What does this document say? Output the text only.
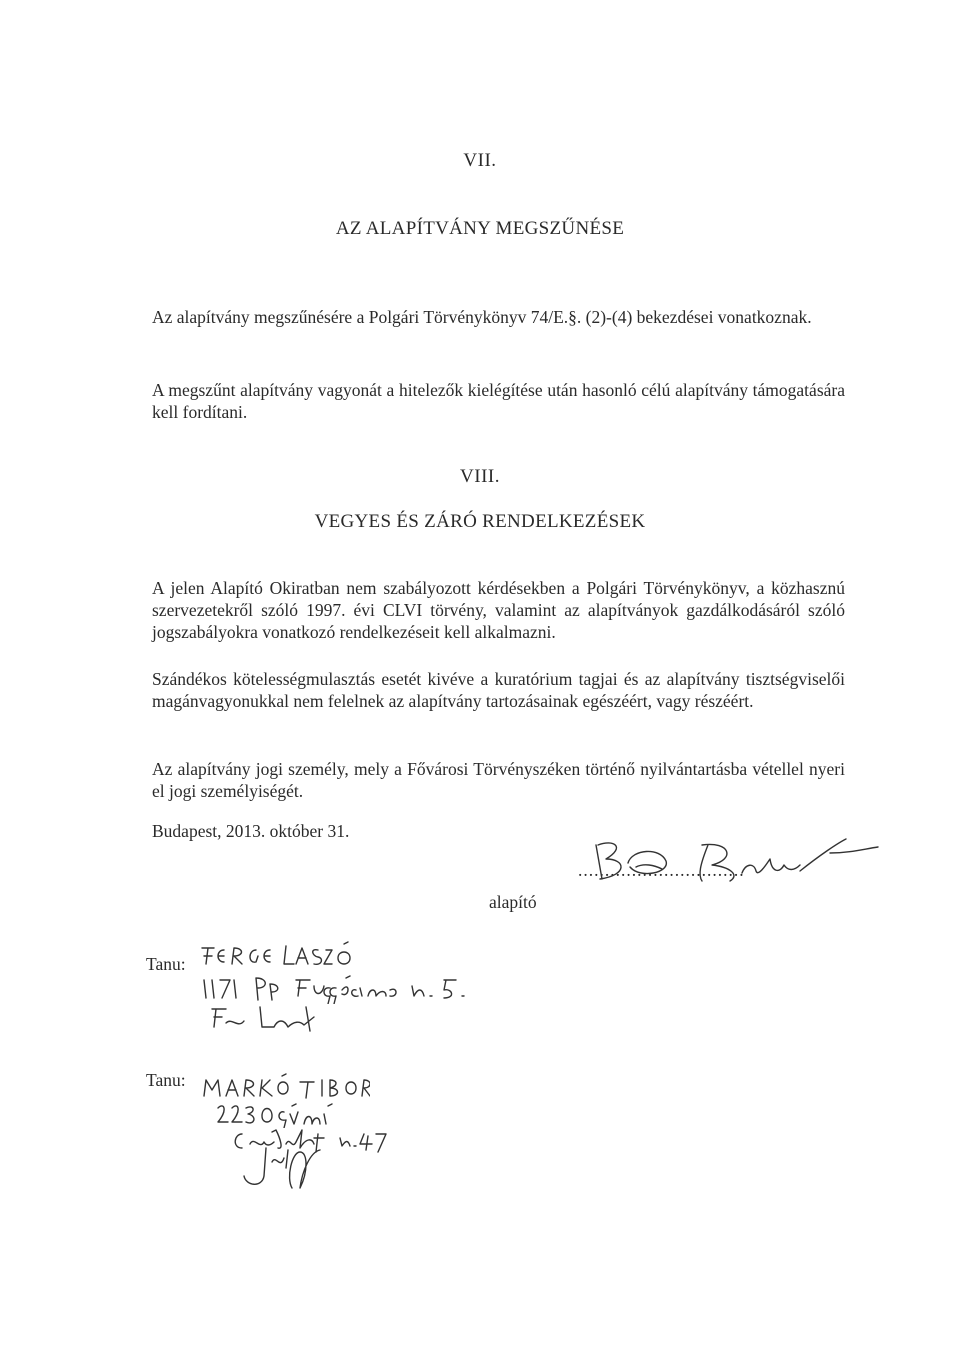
VII.
AZ ALAPÍTVÁNY MEGSZŰNÉSE
Az alapítvány megszűnésére a Polgári Törvénykönyv 74/E.§. (2)-(4) bekezdései vonatkoznak.
A megszűnt alapítvány vagyonát a hitelezők kielégítése után hasonló célú alapítvány támogatására kell fordítani.
VIII.
VEGYES ÉS ZÁRÓ RENDELKEZÉSEK
A jelen Alapító Okiratban nem szabályozott kérdésekben a Polgári Törvénykönyv, a közhasznú szervezetekről szóló 1997. évi CLVI törvény, valamint az alapítványok gazdálkodásáról szóló jogszabályokra vonatkozó rendelkezéseit kell alkalmazni.
Szándékos kötelességmulasztás esetét kivéve a kuratórium tagjai és az alapítvány tisztségviselői magánvagyonukkal nem felelnek az alapítvány tartozásainak egészéért, vagy részéért.
Az alapítvány jogi személy, mely a Fővárosi Törvényszéken történő nyilvántartásba vétellel nyeri el jogi személyiségét.
Budapest, 2013. október 31.
...............................
alapító
Tanu:
Tanu:
